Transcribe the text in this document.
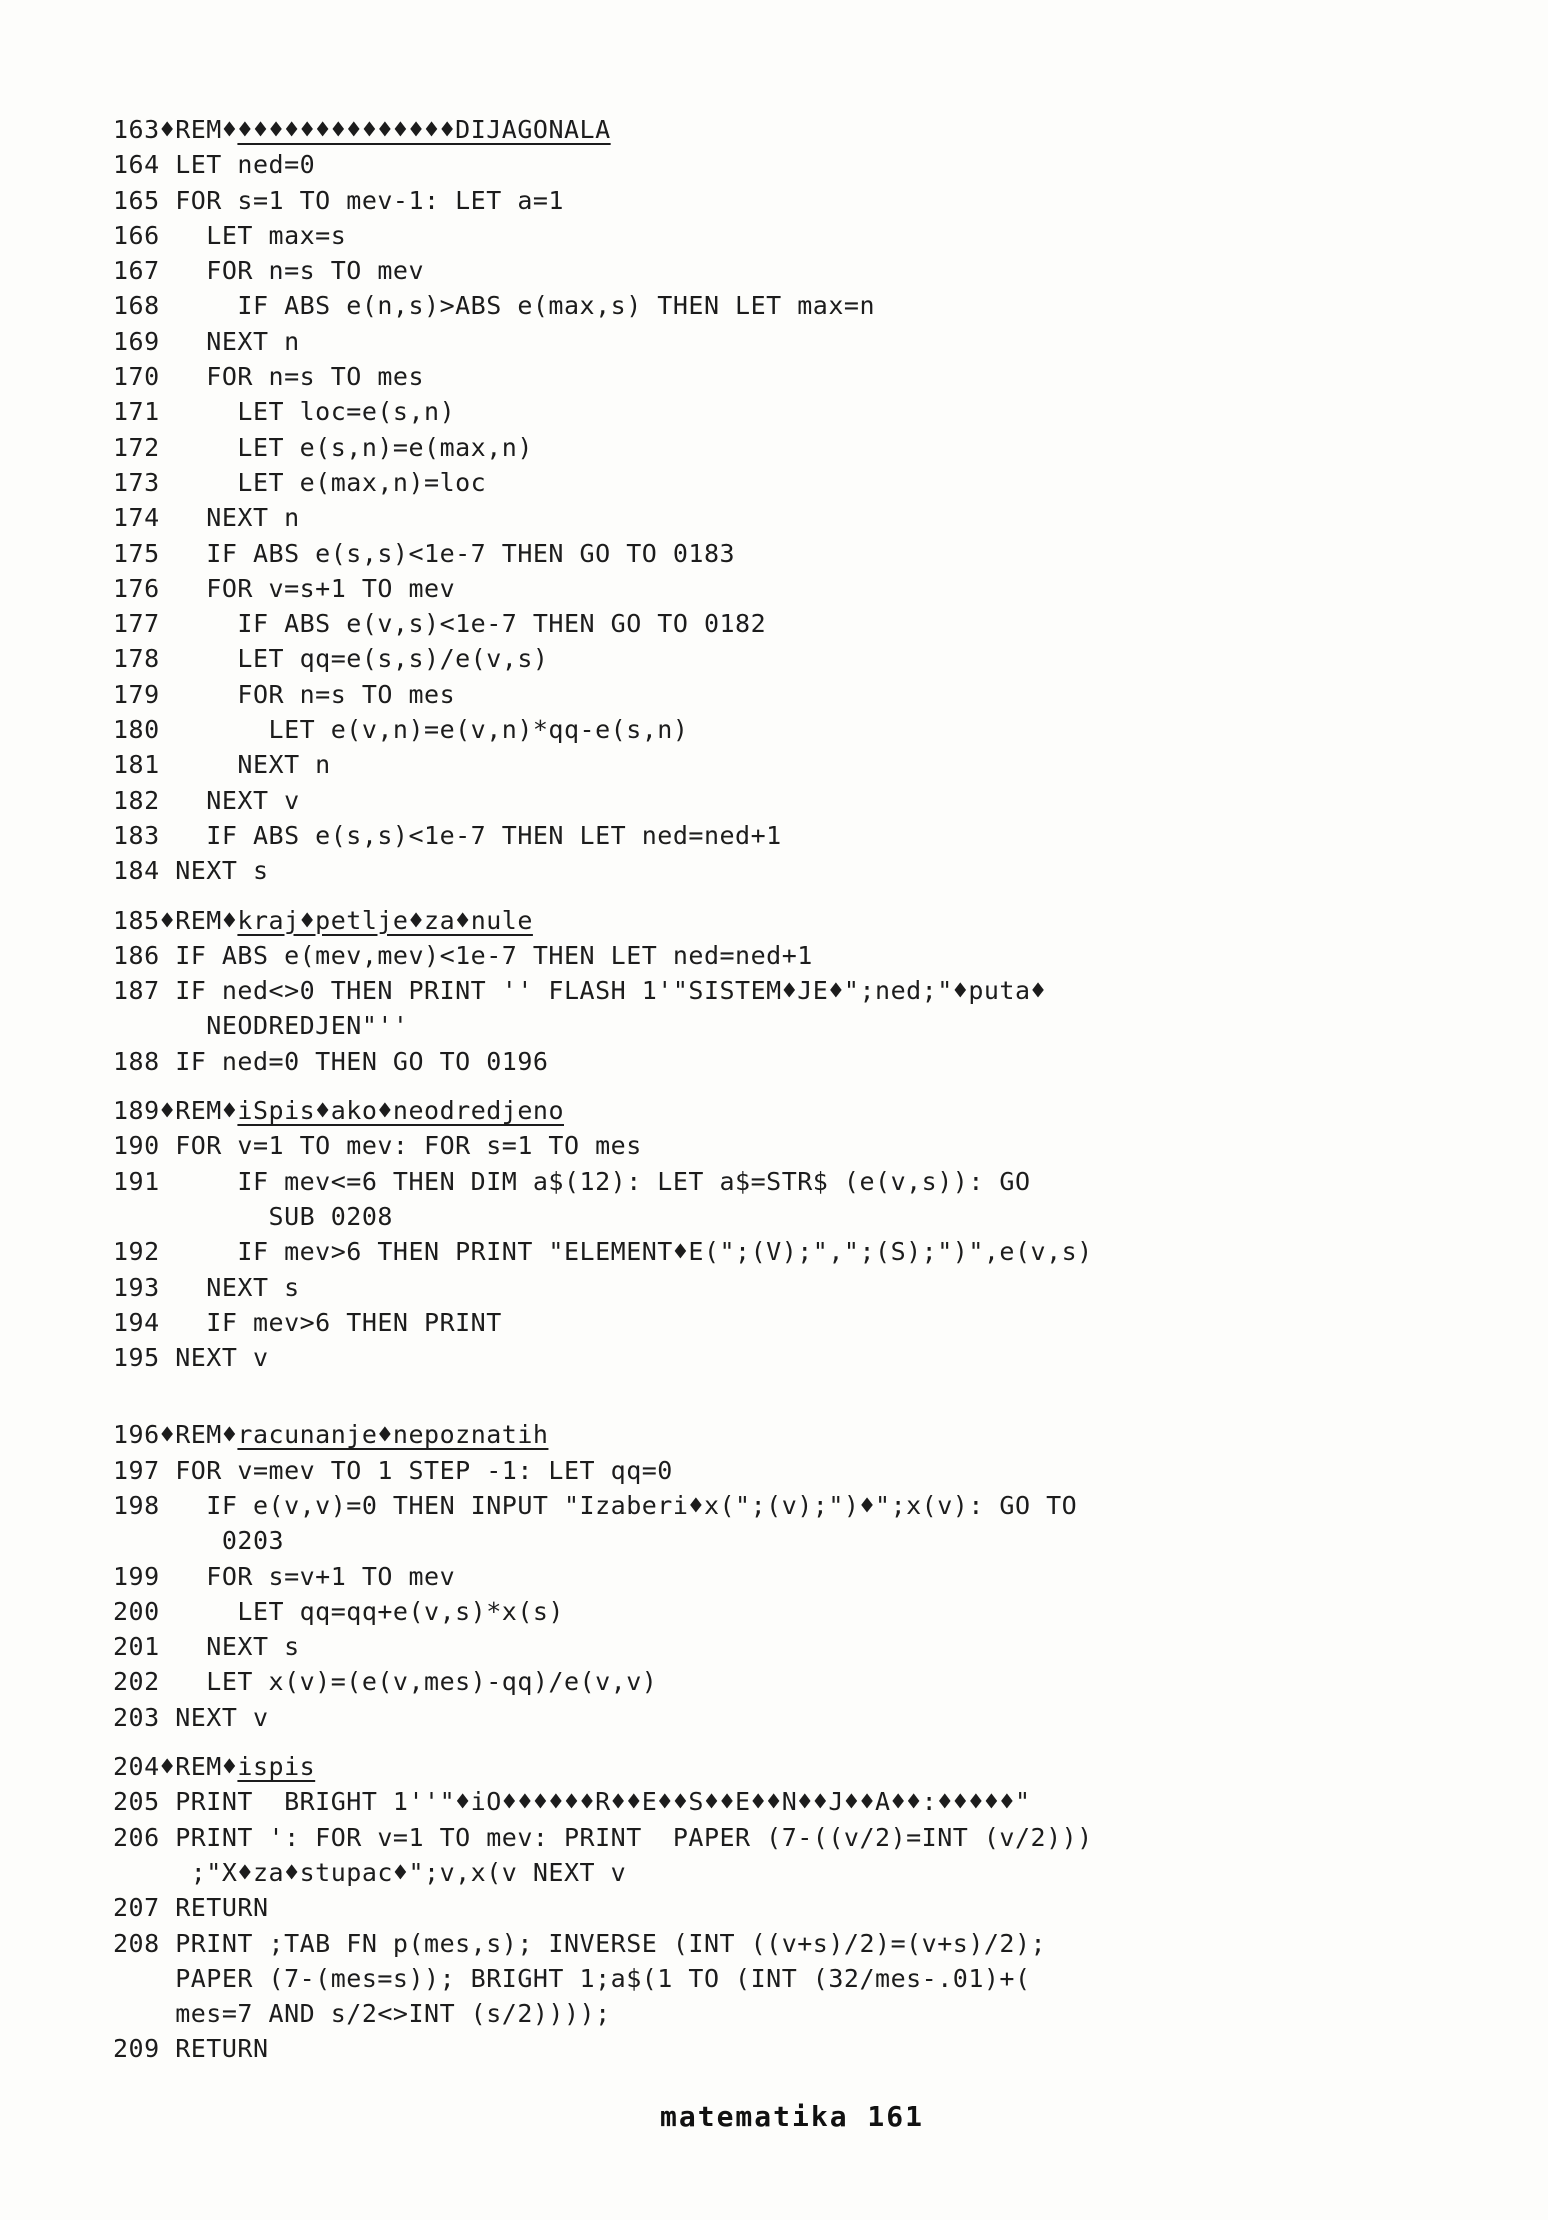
163♦REM♦♦♦♦♦♦♦♦♦♦♦♦♦♦♦DIJAGONALA
164 LET ned=0
165 FOR s=1 TO mev-1: LET a=1
166   LET max=s
167   FOR n=s TO mev
168     IF ABS e(n,s)>ABS e(max,s) THEN LET max=n
169   NEXT n
170   FOR n=s TO mes
171     LET loc=e(s,n)
172     LET e(s,n)=e(max,n)
173     LET e(max,n)=loc
174   NEXT n
175   IF ABS e(s,s)<1e-7 THEN GO TO 0183
176   FOR v=s+1 TO mev
177     IF ABS e(v,s)<1e-7 THEN GO TO 0182
178     LET qq=e(s,s)/e(v,s)
179     FOR n=s TO mes
180       LET e(v,n)=e(v,n)*qq-e(s,n)
181     NEXT n
182   NEXT v
183   IF ABS e(s,s)<1e-7 THEN LET ned=ned+1
184 NEXT s
185♦REM♦kraj♦petlje♦za♦nule
186 IF ABS e(mev,mev)<1e-7 THEN LET ned=ned+1
187 IF ned<>0 THEN PRINT '' FLASH 1'"SISTEM♦JE♦";ned;"♦puta♦
NEODREDJEN"''
188 IF ned=0 THEN GO TO 0196
189♦REM♦iSpis♦ako♦neodredjeno
190 FOR v=1 TO mev: FOR s=1 TO mes
191     IF mev<=6 THEN DIM a$(12): LET a$=STR$ (e(v,s)): GO
SUB 0208
192     IF mev>6 THEN PRINT "ELEMENT♦E(";(V);",";(S);")",e(v,s)
193   NEXT s
194   IF mev>6 THEN PRINT
195 NEXT v
196♦REM♦racunanje♦nepoznatih
197 FOR v=mev TO 1 STEP -1: LET qq=0
198   IF e(v,v)=0 THEN INPUT "Izaberi♦x(";(v);")♦";x(v): GO TO
0203
199   FOR s=v+1 TO mev
200     LET qq=qq+e(v,s)*x(s)
201   NEXT s
202   LET x(v)=(e(v,mes)-qq)/e(v,v)
203 NEXT v
204♦REM♦ispis
205 PRINT  BRIGHT 1''"♦iO♦♦♦♦♦♦R♦♦E♦♦S♦♦E♦♦N♦♦J♦♦A♦♦:♦♦♦♦♦"
206 PRINT ': FOR v=1 TO mev: PRINT  PAPER (7-((v/2)=INT (v/2)))
;"X♦za♦stupac♦";v,x(v NEXT v
207 RETURN
208 PRINT ;TAB FN p(mes,s); INVERSE (INT ((v+s)/2)=(v+s)/2);
PAPER (7-(mes=s)); BRIGHT 1;a$(1 TO (INT (32/mes-.01)+(
mes=7 AND s/2<>INT (s/2))));
209 RETURN
matematika 161
